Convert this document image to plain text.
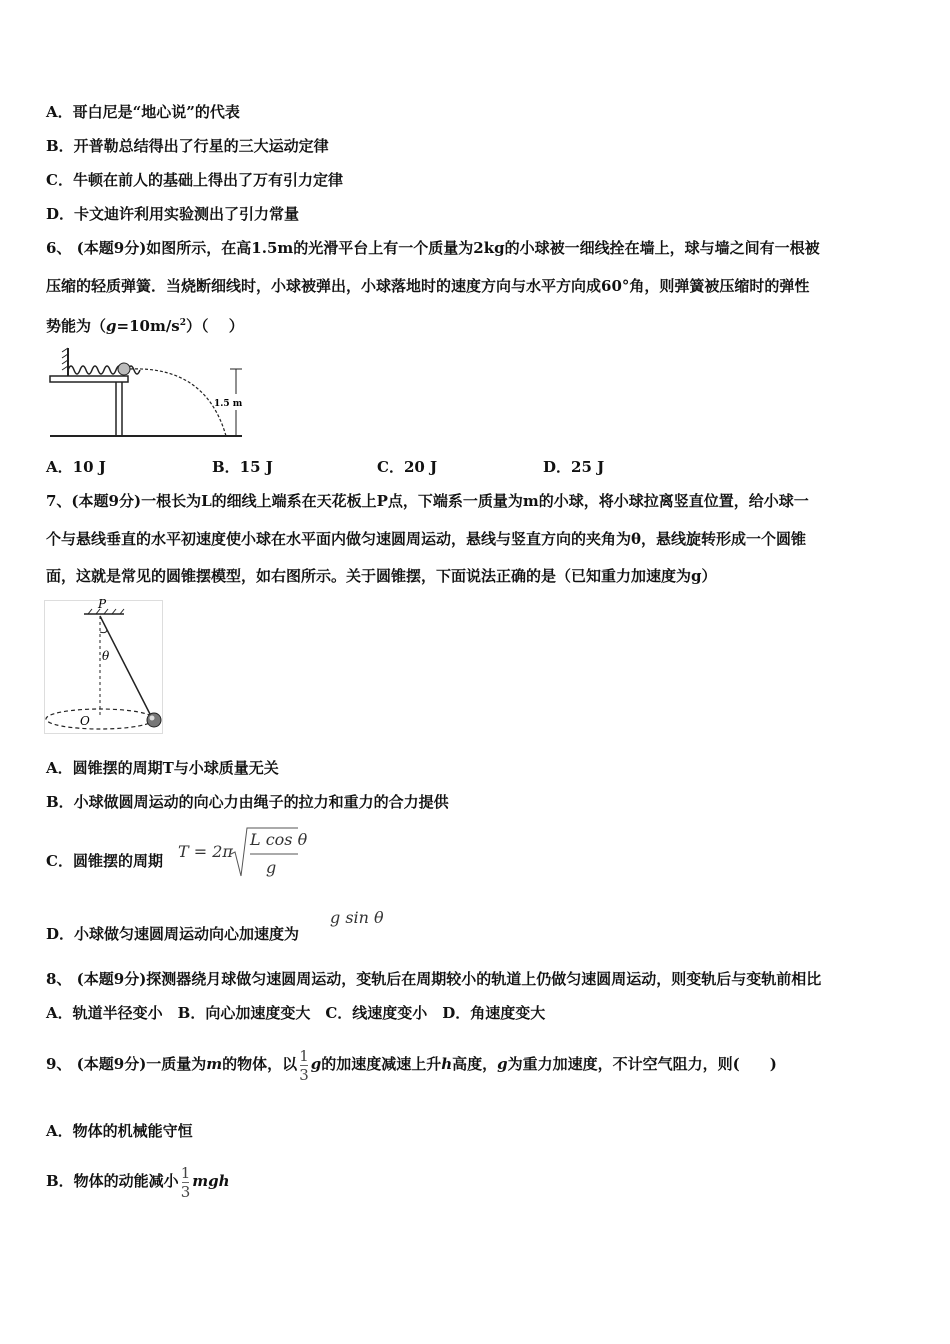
A．哥白尼是“地心说”的代表
B．开普勒总结得出了行星的三大运动定律
C．牛顿在前人的基础上得出了万有引力定律
D．卡文迪许利用实验测出了引力常量
6、 (本题9分)如图所示，在高1.5m的光滑平台上有一个质量为2kg的小球被一细线拴在墙上，球与墙之间有一根被
压缩的轻质弹簧．当烧断细线时，小球被弹出，小球落地时的速度方向与水平方向成60°角，则弹簧被压缩时的弹性
势能为$(g=10m/s^2)$（　 ）
1.5 m
A．10 J	B．15 J	C．20 J	D．25 J
7、(本题9分)一根长为L的细线上端系在天花板上P点，下端系一质量为m的小球，将小球拉离竖直位置，给小球一
个与悬线垂直的水平初速度使小球在水平面内做匀速圆周运动，悬线与竖直方向的夹角为θ，悬线旋转形成一个圆锥
面，这就是常见的圆锥摆模型，如右图所示。关于圆锥摆，下面说法正确的是（已知重力加速度为g）
P
θ
O
A．圆锥摆的周期T与小球质量无关
B．小球做圆周运动的向心力由绳子的拉力和重力的合力提供
C．圆锥摆的周期 T = 2π
L cos θ
g
D．小球做匀速圆周运动向心加速度为
g sin θ
8、 (本题9分)探测器绕月球做匀速圆周运动，变轨后在周期较小的轨道上仍做匀速圆周运动，则变轨后与变轨前相比
A．轨道半径变小　B．向心加速度变大　C．线速度变小　D．角速度变大
9、 (本题9分)一质量为m的物体，以 $\frac{1}{3}$ g的加速度减速上升h高度，g为重力加速度，不计空气阻力，则(　　)
A．物体的机械能守恒
B．物体的动能减小 $\frac{1}{3}$ mgh
